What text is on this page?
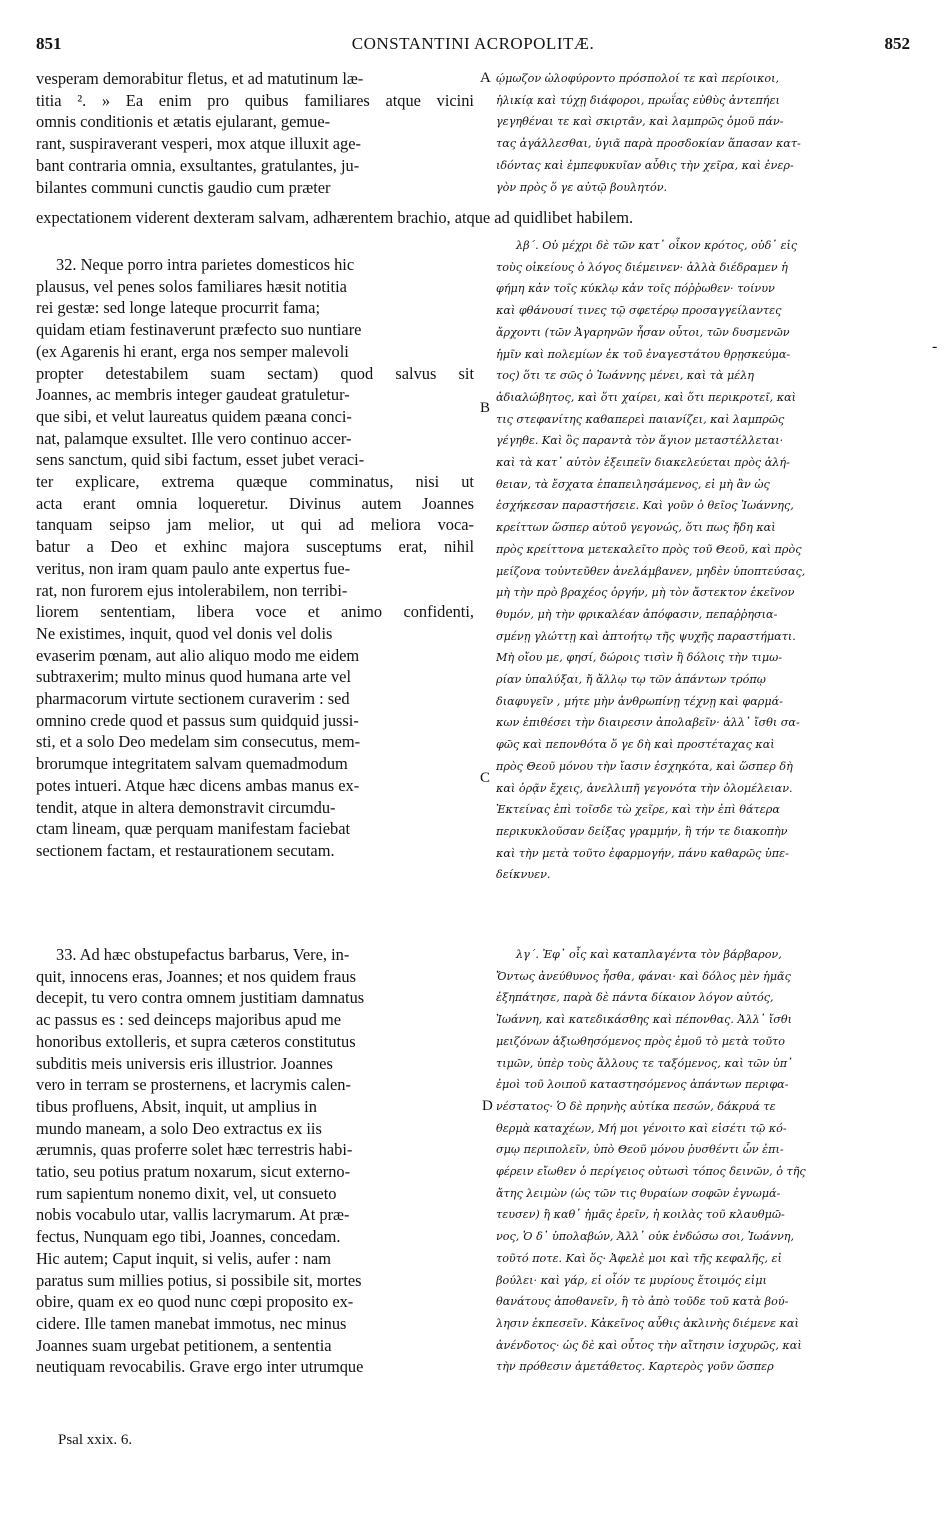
851	CONSTANTINI ACROPOLITÆ.	852
vesperam demorabitur fletus, et ad matutinum læ-
titia ². » Ea enim pro quibus familiares atque vicini
omnis conditionis et ætatis ejularant, gemue-
rant, suspiraverant vesperi, mox atque illuxit age-
bant contraria omnia, exsultantes, gratulantes, ju-
bilantes communi cunctis gaudio cum præter
ῴμωζον ὠλοφύροντο πρόσπολοί τε καὶ περίοικοι,
ἡλικίᾳ καὶ τύχῃ διάφοροι, πρωΐας εὐθὺς ἀντεπήει
γεγηθέναι τε καὶ σκιρτᾶν, καὶ λαμπρῶς ὁμοῦ πάν-
τας ἀγάλλεσθαι, ὑγιᾶ παρὰ προσδοκίαν ἅπασαν κατ-
ιδόντας καὶ ἐμπεφυκυῖαν αὖθις τὴν χεῖρα, καὶ ἐνερ-
γὸν πρὸς ὅ γε αὐτῷ βουλητόν.
expectationem viderent dexteram salvam, adhærentem brachio, atque ad quidlibet habilem.
λβ΄. Οὐ μέχρι δὲ τῶν κατ᾽ οἶκον κρότος, οὐδ᾽ εἰς
τοὺς οἰκείους ὁ λόγος διέμεινεν· ἀλλὰ διέδραμεν ἡ
φήμη κἀν τοῖς κύκλῳ κἀν τοῖς πόῤῥωθεν· τοίνυν
καὶ φθάνουσί τινες τῷ σφετέρῳ προσαγγείλαντες
ἄρχοντι (τῶν Ἀγαρηνῶν ἦσαν οὗτοι, τῶν δυσμενῶν
ἡμῖν καὶ πολεμίων ἐκ τοῦ ἐναγεστάτου θρῃσκεύμα-
τος) ὅτι τε σῶς ὁ Ἰωάννης μένει, καὶ τὰ μέλη
ἀδιαλώβητος, καὶ ὅτι χαίρει, καὶ ὅτι περικροτεῖ, καὶ
τις στεφανίτης καθαπερεὶ παιανίζει, καὶ λαμπρῶς
γέγηθε. Καὶ ὃς παραντὰ τὸν ἅγιον μεταστέλλεται·
καὶ τὰ κατ᾽ αὐτὸν ἐξειπεῖν διακελεύεται πρὸς ἀλή-
θειαν, τὰ ἔσχατα ἐπαπειλησάμενος, εἰ μὴ ἂν ὡς
ἐσχήκεσαν παραστήσειε. Καὶ γοῦν ὁ θεῖος Ἰωάννης,
κρείττων ὥσπερ αὐτοῦ γεγονώς, ὅτι πως ἤδη καὶ
πρὸς κρείττονα μετεκαλεῖτο πρὸς τοῦ Θεοῦ, καὶ πρὸς
μείζονα τοὐντεῦθεν ἀνελάμβανεν, μηδὲν ὑποπτεύσας,
μὴ τὴν πρὸ βραχέος ὀργήν, μὴ τὸν ἄστεκτον ἐκεῖνον
θυμόν, μὴ τὴν φρικαλέαν ἀπόφασιν, πεπαῤῥησια-
σμένῃ γλώττῃ καὶ ἀπτοήτῳ τῆς ψυχῆς παραστήματι.
Μὴ οἴου με, φησί, δώροις τισὶν ἢ δόλοις τὴν τιμω-
ρίαν ὑπαλύξαι, ἤ ἄλλῳ τῳ τῶν ἁπάντων τρόπῳ
διαφυγεῖν , μήτε μὴν ἀνθρωπίνῃ τέχνῃ καὶ φαρμά-
κων ἐπιθέσει τὴν διαιρεσιν ἀπολαβεῖν· ἀλλ᾽ ἴσθι σα-
φῶς καὶ πεπονθότα ὅ γε δὴ καὶ προστέταχας καὶ
πρὸς Θεοῦ μόνου τὴν ἴασιν ἐσχηκότα, καὶ ὥσπερ δὴ
καὶ ὁρᾷν ἔχεις, ἀνελλιπῆ γεγονότα τὴν ὁλομέλειαν.
Ἐκτείνας ἐπὶ τοῖσδε τὼ χεῖρε, καὶ τὴν ἐπὶ θάτερα
περικυκλοῦσαν δείξας γραμμήν, ἣ τήν τε διακοπὴν
καὶ τὴν μετὰ τοῦτο ἐφαρμογήν, πάνυ καθαρῶς ὑπε-
δείκνυεν.
32. Neque porro intra parietes domesticos hic
plausus, vel penes solos familiares hæsit notitia
rei gestæ: sed longe lateque procurrit fama;
quidam etiam festinaverunt præfecto suo nuntiare
(ex Agarenis hi erant, erga nos semper malevoli
propter detestabilem suam sectam) quod salvus sit
Joannes, ac membris integer gaudeat gratuletur-
que sibi, et velut laureatus quidem pæana conci-
nat, palamque exsultet. Ille vero continuo accer-
sens sanctum, quid sibi factum, esset jubet veraci-
ter explicare, extrema quæque comminatus, nisi ut
acta erant omnia loqueretur. Divinus autem Joannes
tanquam seipso jam melior, ut qui ad meliora voca-
batur a Deo et exhinc majora susceptums erat, nihil
veritus, non iram quam paulo ante expertus fue-
rat, non furorem ejus intolerabilem, non terribi-
liorem sententiam, libera voce et animo confidenti,
Ne existimes, inquit, quod vel donis vel dolis
evaserim pœnam, aut alio aliquo modo me eidem
subtraxerim; multo minus quod humana arte vel
pharmacorum virtute sectionem curaverim : sed
omnino crede quod et passus sum quidquid jussi-
sti, et a solo Deo medelam sim consecutus, mem-
brorumque integritatem salvam quemadmodum
potes intueri. Atque hæc dicens ambas manus ex-
tendit, atque in altera demonstravit circumdu-
ctam lineam, quæ perquam manifestam faciebat
sectionem factam, et restaurationem secutam.
33. Ad hæc obstupefactus barbarus, Vere, in-
quit, innocens eras, Joannes; et nos quidem fraus
decepit, tu vero contra omnem justitiam damnatus
ac passus es : sed deinceps majoribus apud me
honoribus extolleris, et supra cæteros constitutus
subditis meis universis eris illustrior. Joannes
vero in terram se prosternens, et lacrymis calen-
tibus profluens, Absit, inquit, ut amplius in
mundo maneam, a solo Deo extractus ex iis
ærumnis, quas proferre solet hæc terrestris habi-
tatio, seu potius pratum noxarum, sicut externo-
rum sapientum nonemo dixit, vel, ut consueto
nobis vocabulo utar, vallis lacrymarum. At præ-
fectus, Nunquam ego tibi, Joannes, concedam.
Hic autem; Caput inquit, si velis, aufer : nam
paratus sum millies potius, si possibile sit, mortes
obire, quam ex eo quod nunc cœpi proposito ex-
cidere. Ille tamen manebat immotus, nec minus
Joannes suam urgebat petitionem, a sententia
neutiquam revocabilis. Grave ergo inter utrumque
λγ΄. Ἐφ᾽ οἷς καὶ καταπλαγέντα τὸν βάρβαρον,
Ὄντως ἀνεύθυνος ἦσθα, φάναι· καὶ δόλος μὲν ἡμᾶς
ἐξηπάτησε, παρὰ δὲ πάντα δίκαιον λόγον αὐτός,
Ἰωάννη, καὶ κατεδικάσθης καὶ πέπονθας. Ἀλλ᾽ ἴσθι
μειζόνων ἀξιωθησόμενος πρὸς ἐμοῦ τὸ μετὰ τοῦτο
τιμῶν, ὑπὲρ τοὺς ἄλλους τε ταξόμενος, καὶ τῶν ὑπ᾽
ἐμοὶ τοῦ λοιποῦ καταστησόμενος ἁπάντων περιφα-
νέστατος· Ὁ δὲ πρηνὴς αὐτίκα πεσών, δάκρυά τε
θερμὰ καταχέων, Μή μοι γένοιτο καὶ εἰσέτι τῷ κό-
σμῳ περιπολεῖν, ὑπὸ Θεοῦ μόνου ῥυσθέντι ὧν ἐπι-
φέρειν εἴωθεν ὁ περίγειος οὑτωσὶ τόπος δεινῶν, ὁ τῆς
ἄτης λειμὼν (ὡς τῶν τις θυραίων σοφῶν ἐγνωμά-
τευσεν) ἢ καθ᾽ ἡμᾶς ἐρεῖν, ἡ κοιλὰς τοῦ κλαυθμῶ-
νος, Ὁ δ᾽ ὑπολαβών, Ἀλλ᾽ οὐκ ἐνδώσω σοι, Ἰωάννη,
τοῦτό ποτε. Καὶ ὅς· Ἀφελὲ μοι καὶ τῆς κεφαλῆς, εἰ
βούλει· καὶ γάρ, εἰ οἷόν τε μυρίους ἕτοιμός εἰμι
θανάτους ἀποθανεῖν, ἢ τὸ ἀπὸ τοῦδε τοῦ κατὰ βού-
λησιν ἐκπεσεῖν. Κἀκεῖνος αὖθις ἀκλινὴς διέμενε καὶ
ἀνένδοτος· ὡς δὲ καὶ οὗτος τὴν αἴτησιν ἰσχυρῶς, καὶ
τὴν πρόθεσιν ἀμετάθετος. Καρτερὸς γοῦν ὥσπερ
A
B
C
D
‑
Psal xxix. 6.
